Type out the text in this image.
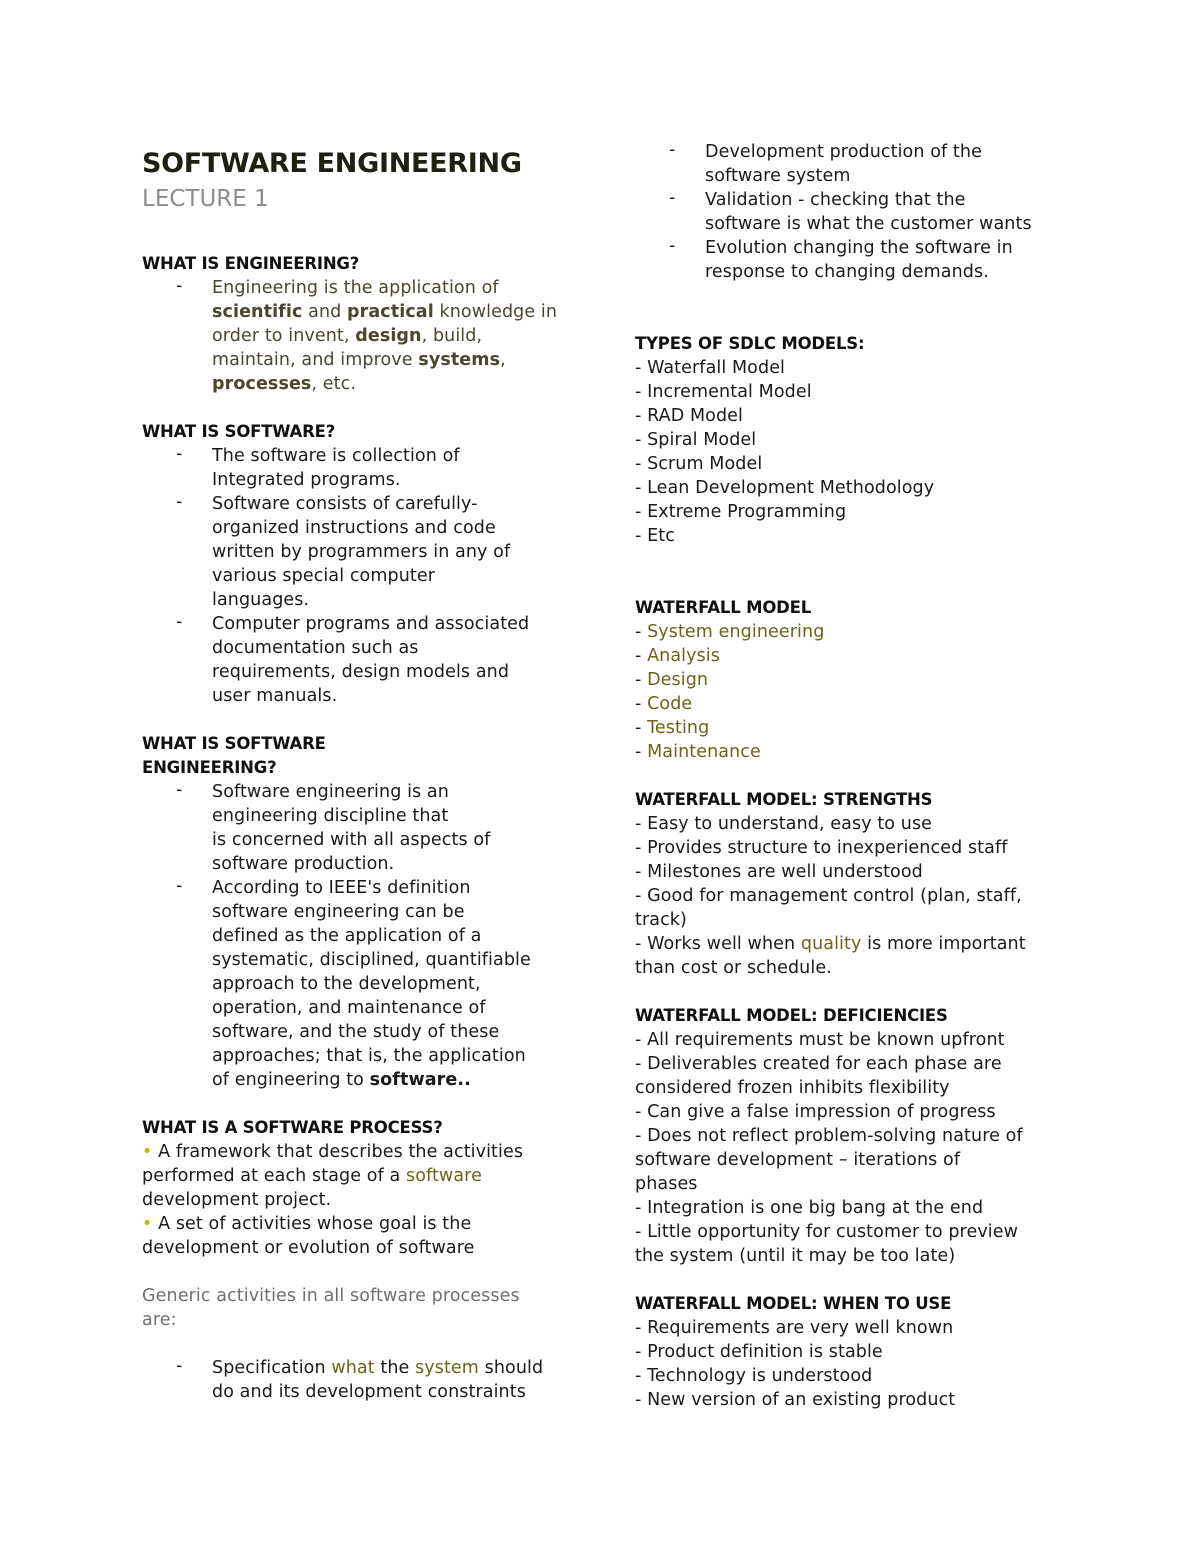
SOFTWARE ENGINEERING
LECTURE 1
WHAT IS ENGINEERING?
- Engineering is the application of
scientific and practical knowledge in
order to invent, design, build,
maintain, and improve systems,
processes, etc.
WHAT IS SOFTWARE?
- The software is collection of
Integrated programs.
- Software consists of carefully-
organized instructions and code
written by programmers in any of
various special computer
languages.
- Computer programs and associated
documentation such as
requirements, design models and
user manuals.
WHAT IS SOFTWARE
ENGINEERING?
- Software engineering is an
engineering discipline that
is concerned with all aspects of
software production.
- According to IEEE's definition
software engineering can be
defined as the application of a
systematic, disciplined, quantifiable
approach to the development,
operation, and maintenance of
software, and the study of these
approaches; that is, the application
of engineering to software..
WHAT IS A SOFTWARE PROCESS?
• A framework that describes the activities
performed at each stage of a software
development project.
• A set of activities whose goal is the
development or evolution of software
Generic activities in all software processes
are:
- Specification what the system should
do and its development constraints
- Development production of the
software system
- Validation - checking that the
software is what the customer wants
- Evolution changing the software in
response to changing demands.
TYPES OF SDLC MODELS:
- Waterfall Model
- Incremental Model
- RAD Model
- Spiral Model
- Scrum Model
- Lean Development Methodology
- Extreme Programming
- Etc
WATERFALL MODEL
- System engineering
- Analysis
- Design
- Code
- Testing
- Maintenance
WATERFALL MODEL: STRENGTHS
- Easy to understand, easy to use
- Provides structure to inexperienced staff
- Milestones are well understood
- Good for management control (plan, staff,
track)
- Works well when quality is more important
than cost or schedule.
WATERFALL MODEL: DEFICIENCIES
- All requirements must be known upfront
- Deliverables created for each phase are
considered frozen inhibits flexibility
- Can give a false impression of progress
- Does not reflect problem-solving nature of
software development – iterations of
phases
- Integration is one big bang at the end
- Little opportunity for customer to preview
the system (until it may be too late)
WATERFALL MODEL: WHEN TO USE
- Requirements are very well known
- Product definition is stable
- Technology is understood
- New version of an existing product
